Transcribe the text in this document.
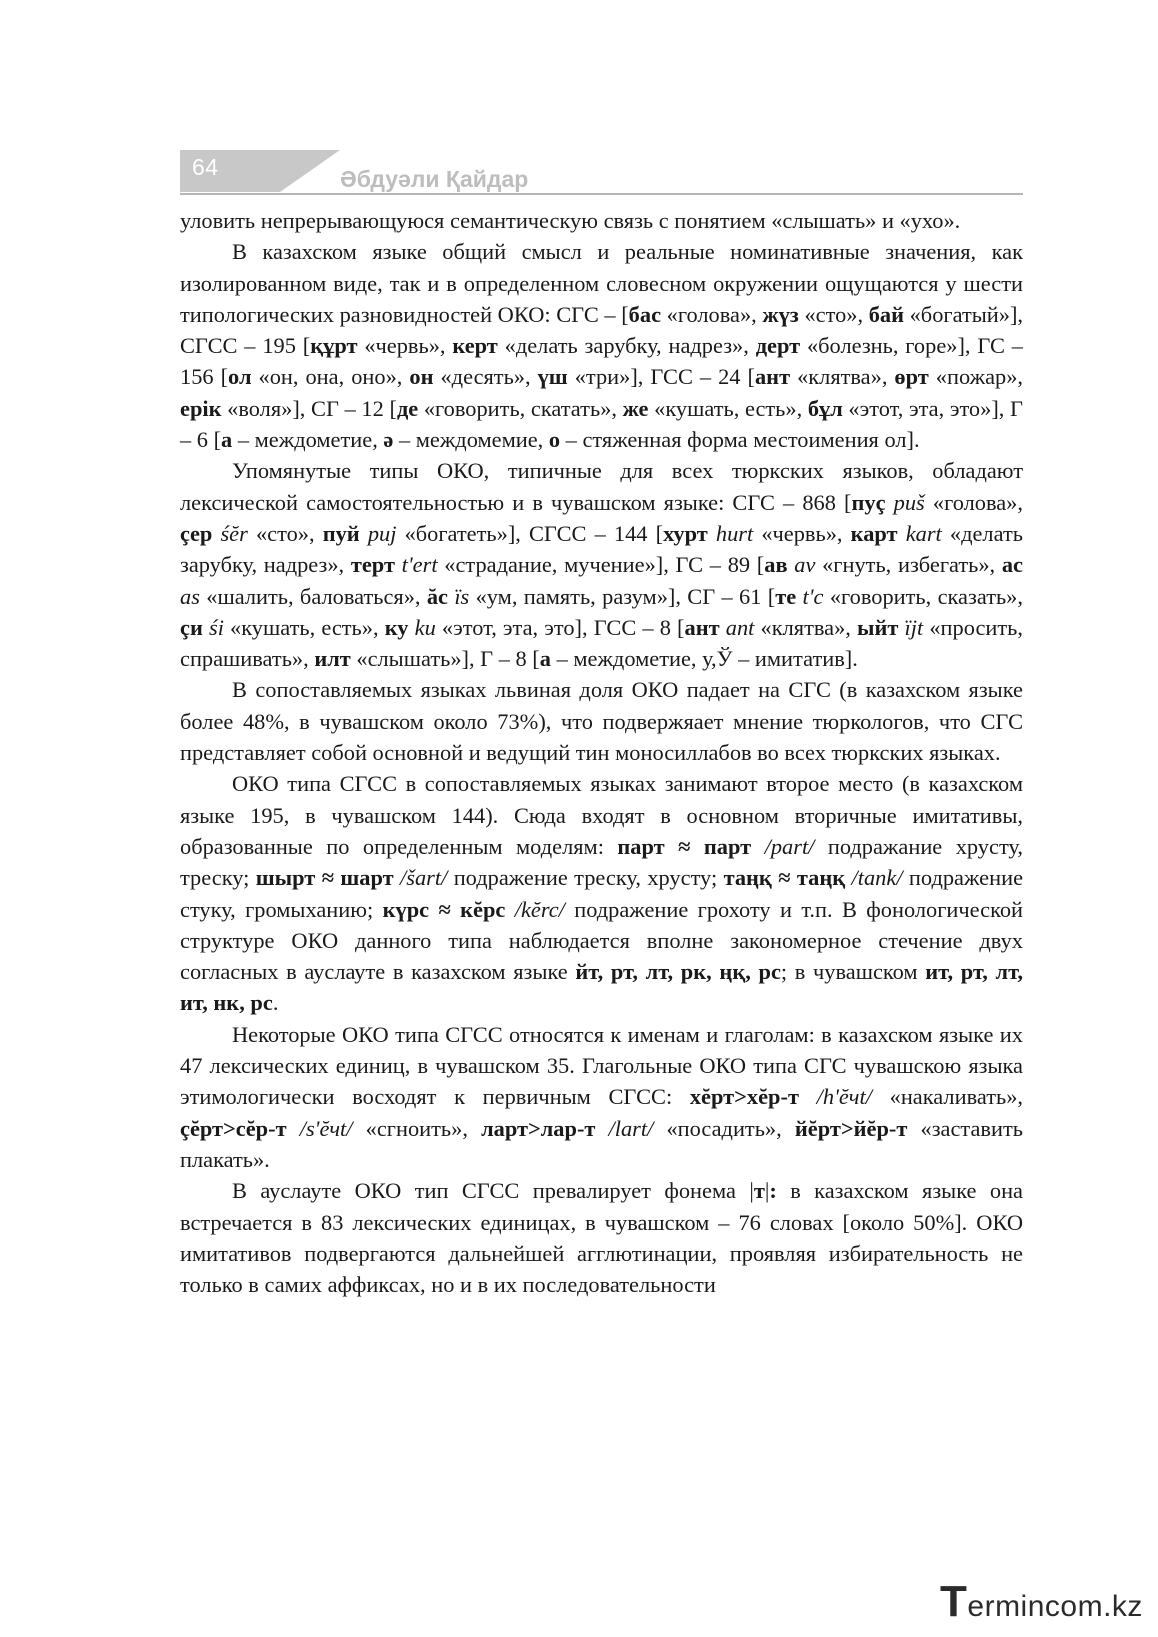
64	Әбдуәли Қайдар

уловить непрерывающуюся семантическую связь с понятием «слышать» и «ухо».

В казахском языке общий смысл и реальные номинативные значения, как изолированном виде, так и в определенном словесном окружении ощущаются у шести типологических разновидностей ОКО: СГС – [бас «голова», жүз «сто», бай «богатый»], СГСС – 195 [құрт «червь», керт «делать зарубку, надрез», дерт «болезнь, горе»], ГС – 156 [ол «он, она, оно», он «десять», үш «три»], ГСС – 24 [ант «клятва», өрт «пожар», ерік «воля»], СГ – 12 [де «говорить, скатать», же «кушать, есть», бұл «этот, эта, это»], Г – 6 [а – междометие, ә – междомемие, о – стяженная форма местоимения ол].

Упомянутые типы ОКО, типичные для всех тюркских языков, обладают лексической самостоятельностью и в чувашском языке: СГС – 868 [пуç puš «голова», çер śĕr «сто», пуй puj «богатеть»], СГСС – 144 [хурт hurt «червь», карт kart «делать зарубку, надрез», терт t'ert «страдание, мучение»], ГС – 89 [ав av «гнуть, избегать», ас as «шалить, баловаться», ăс ïs «ум, память, разум»], СГ – 61 [те t'c «говорить, сказать», çи śi «кушать, есть», ку ku «этот, эта, это], ГСС – 8 [ант ant «клятва», ыйт ïjt «просить, спрашивать», илт «слышать»], Г – 8 [а – междометие, у,Ў – имитатив].

В сопоставляемых языках львиная доля ОКО падает на СГС (в казахском языке более 48%, в чувашском около 73%), что подвержяает мнение тюркологов, что СГС представляет собой основной и ведущий тин моносиллабов во всех тюркских языках.

ОКО типа СГСС в сопоставляемых языках занимают второе место (в казахском языке 195, в чувашском 144). Сюда входят в основном вторичные имитативы, образованные по определенным моделям: парт ≈ парт /part/ подражание хрусту, треску; шырт ≈ шарт /šart/ подражение треску, хрусту; таңқ ≈ таңқ /tank/ подражение стуку, громыханию; күрс ≈ кĕрс /kĕrc/ подражение грохоту и т.п. В фонологической структуре ОКО данного типа наблюдается вполне закономерное стечение двух согласных в ауслауте в казахском языке йт, рт, лт, рк, ңқ, рс; в чувашском ит, рт, лт, ит, нк, рс.

Некоторые ОКО типа СГСС относятся к именам и глаголам: в казахском языке их 47 лексических единиц, в чувашском 35. Глагольные ОКО типа СГС чувашскою языка этимологически восходят к первичным СГСС: хĕрт>хĕр-т /h'ĕчt/ «накаливать», çĕрт>сĕр-т /s'ĕчt/ «сгноить», ларт>лар-т /lart/ «посадить», йĕрт>йĕр-т «заставить плакать».

В ауслауте ОКО тип СГСС превалирует фонема |т|: в казахском языке она встречается в 83 лексических единицах, в чувашском – 76 словах [около 50%]. ОКО имитативов подвергаются дальнейшей агглютинации, проявляя избирательность не только в самих аффиксах, но и в их последовательности

Termincom.kz
